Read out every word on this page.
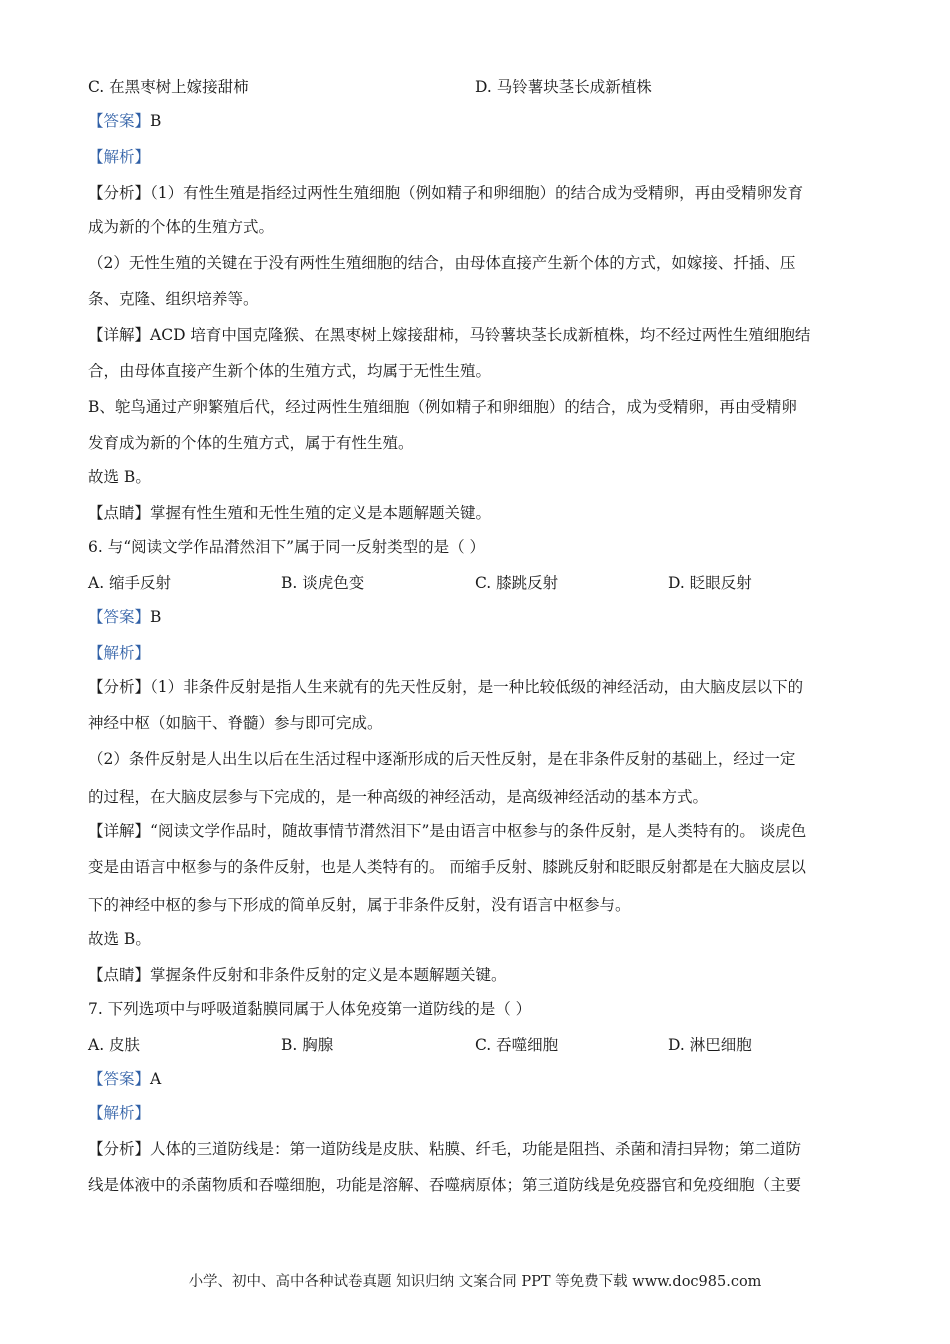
C. 在黑枣树上嫁接甜柿	D. 马铃薯块茎长成新植株
【答案】B
【解析】
【分析】（1）有性生殖是指经过两性生殖细胞（例如精子和卵细胞）的结合成为受精卵，再由受精卵发育
成为新的个体的生殖方式。
（2）无性生殖的关键在于没有两性生殖细胞的结合，由母体直接产生新个体的方式，如嫁接、扦插、压
条、克隆、组织培养等。
【详解】ACD 培育中国克隆猴、在黑枣树上嫁接甜柿，马铃薯块茎长成新植株，均不经过两性生殖细胞结
合，由母体直接产生新个体的生殖方式，均属于无性生殖。
B、鸵鸟通过产卵繁殖后代，经过两性生殖细胞（例如精子和卵细胞）的结合，成为受精卵，再由受精卵
发育成为新的个体的生殖方式，属于有性生殖。
故选 B。
【点睛】掌握有性生殖和无性生殖的定义是本题解题关键。
6. 与“阅读文学作品潸然泪下”属于同一反射类型的是（ ）
A. 缩手反射	B. 谈虎色变	C. 膝跳反射	D. 眨眼反射
【答案】B
【解析】
【分析】（1）非条件反射是指人生来就有的先天性反射，是一种比较低级的神经活动，由大脑皮层以下的
神经中枢（如脑干、脊髓）参与即可完成。
（2）条件反射是人出生以后在生活过程中逐渐形成的后天性反射，是在非条件反射的基础上，经过一定
的过程，在大脑皮层参与下完成的，是一种高级的神经活动，是高级神经活动的基本方式。
【详解】“阅读文学作品时，随故事情节潸然泪下”是由语言中枢参与的条件反射，是人类特有的。 谈虎色
变是由语言中枢参与的条件反射，也是人类特有的。 而缩手反射、膝跳反射和眨眼反射都是在大脑皮层以
下的神经中枢的参与下形成的简单反射，属于非条件反射，没有语言中枢参与。
故选 B。
【点睛】掌握条件反射和非条件反射的定义是本题解题关键。
7. 下列选项中与呼吸道黏膜同属于人体免疫第一道防线的是（ ）
A. 皮肤	B. 胸腺	C. 吞噬细胞	D. 淋巴细胞
【答案】A
【解析】
【分析】人体的三道防线是：第一道防线是皮肤、粘膜、纤毛，功能是阻挡、杀菌和清扫异物；第二道防
线是体液中的杀菌物质和吞噬细胞，功能是溶解、吞噬病原体；第三道防线是免疫器官和免疫细胞（主要
小学、初中、高中各种试卷真题 知识归纳 文案合同 PPT 等免费下载 www.doc985.com
